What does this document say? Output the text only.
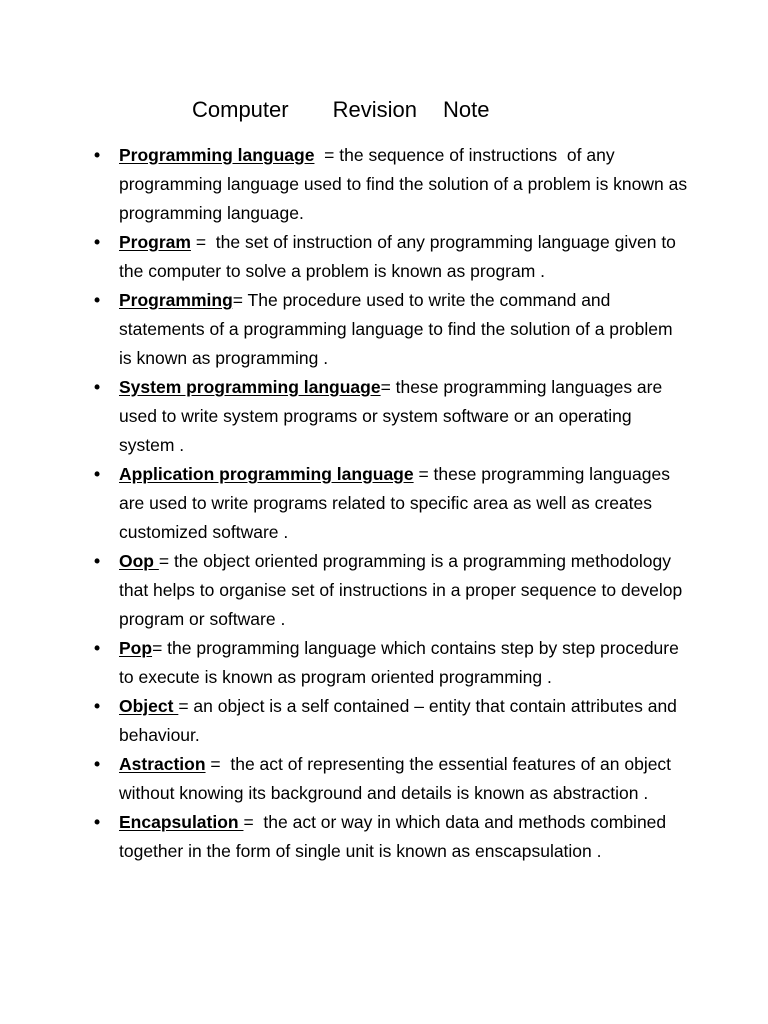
Computer Revision Note
• Programming language  = the sequence of instructions  of any programming language used to find the solution of a problem is known as programming language.
• Program =  the set of instruction of any programming language given to the computer to solve a problem is known as program .
• Programming= The procedure used to write the command and statements of a programming language to find the solution of a problem is known as programming .
• System programming language= these programming languages are used to write system programs or system software or an operating system .
• Application programming language = these programming languages are used to write programs related to specific area as well as creates customized software .
• Oop = the object oriented programming is a programming methodology that helps to organise set of instructions in a proper sequence to develop program or software .
• Pop= the programming language which contains step by step procedure to execute is known as program oriented programming .
• Object = an object is a self contained – entity that contain attributes and behaviour.
• Astraction =  the act of representing the essential features of an object without knowing its background and details is known as abstraction .
• Encapsulation =  the act or way in which data and methods combined together in the form of single unit is known as enscapsulation .
